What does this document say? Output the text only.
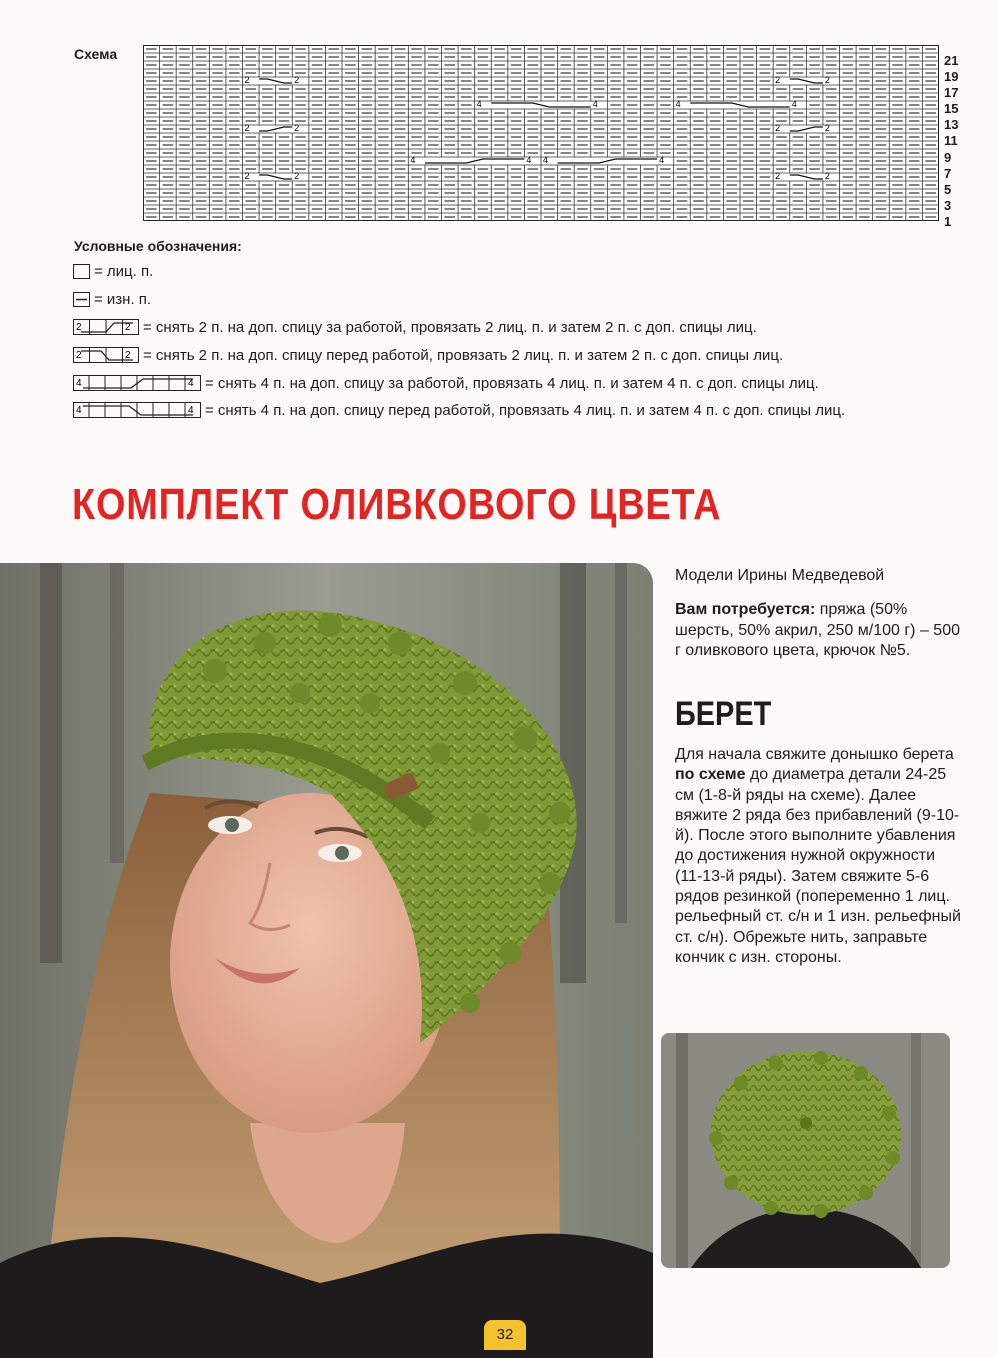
Схема
2	2	2	2
4	4
2	2	2	2
4	4 4	4
2	2	2	2
4	4
21
19
17
15
13
11
9
7
5
3
1
Условные обозначения:
= лиц. п.
= изн. п.
2	2 = снять 2 п. на доп. спицу за работой, провязать 2 лиц. п. и затем 2 п. с доп. спицы лиц.
2	2 = снять 2 п. на доп. спицу перед работой, провязать 2 лиц. п. и затем 2 п. с доп. спицы лиц.
4	4 = снять 4 п. на доп. спицу за работой, провязать 4 лиц. п. и затем 4 п. с доп. спицы лиц.
4	4 = снять 4 п. на доп. спицу перед работой, провязать 4 лиц. п. и затем 4 п. с доп. спицы лиц.
КОМПЛЕКТ ОЛИВКОВОГО ЦВЕТА
32
Модели Ирины Медведевой
Вам потребуется: пряжа (50% шерсть, 50% акрил, 250 м/100 г) – 500 г оливкового цвета, крючок №5.
БЕРЕТ
Для начала свяжите донышко берета по схеме до диаметра детали 24-25 см (1-8-й ряды на схеме). Далее вяжите 2 ряда без прибавлений (9-10-й). После этого выполните убавления до достижения нужной окружности (11-13-й ряды). Затем свяжите 5-6 рядов резинкой (попеременно 1 лиц. рельефный ст. с/н и 1 изн. рельефный ст. с/н). Обрежьте нить, заправьте кончик с изн. стороны.
